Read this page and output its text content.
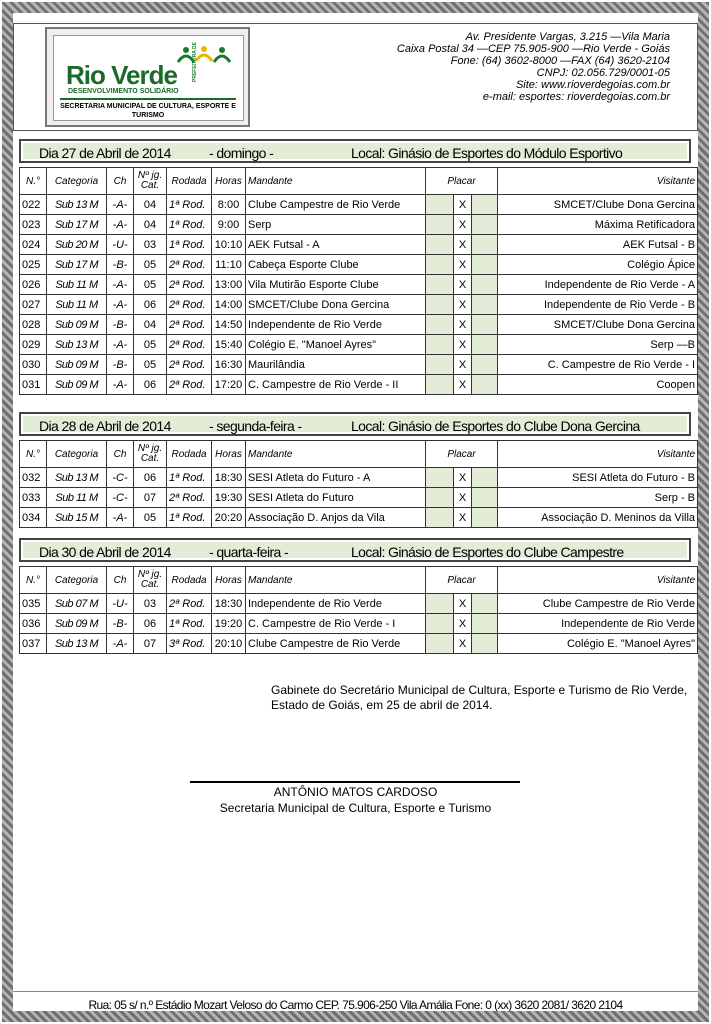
PREFEITURA DE
Rio Verde
DESENVOLVIMENTO SOLIDÁRIO
SECRETARIA MUNICIPAL DE CULTURA, ESPORTE E TURISMO
Av. Presidente Vargas, 3.215 —Vila Maria
Caixa Postal 34 —CEP 75.905-900 —Rio Verde - Goiás
Fone: (64) 3602-8000 —FAX (64) 3620-2104
CNPJ: 02.056.729/0001-05
Site: www.rioverdegoias.com.br
e-mail: esportes: rioverdegoias.com.br
Dia 27 de Abril de 2014	- domingo -	Local: Ginásio de Esportes do Módulo Esportivo
N.°	Categoria	Ch	Nº jg. Cat.	Rodada	Horas	Mandante	Placar			Visitante
022	Sub 13 M	-A-	04	1ª Rod.	8:00	Clube Campestre de Rio Verde		X		SMCET/Clube Dona Gercina
023	Sub 17 M	-A-	04	1ª Rod.	9:00	Serp		X		Máxima Retificadora
024	Sub 20 M	-U-	03	1ª Rod.	10:10	AEK Futsal - A		X		AEK Futsal - B
025	Sub 17 M	-B-	05	2ª Rod.	11:10	Cabeça Esporte Clube		X		Colégio Ápice
026	Sub 11 M	-A-	05	2ª Rod.	13:00	Vila Mutirão Esporte Clube		X		Independente de Rio Verde - A
027	Sub 11 M	-A-	06	2ª Rod.	14:00	SMCET/Clube Dona Gercina		X		Independente de Rio Verde - B
028	Sub 09 M	-B-	04	2ª Rod.	14:50	Independente de Rio Verde		X		SMCET/Clube Dona Gercina
029	Sub 13 M	-A-	05	2ª Rod.	15:40	Colégio E. "Manoel Ayres"		X		Serp —B
030	Sub 09 M	-B-	05	2ª Rod.	16:30	Maurilândia		X		C. Campestre de Rio Verde - I
031	Sub 09 M	-A-	06	2ª Rod.	17:20	C. Campestre de Rio Verde - II		X		Coopen
Dia 28 de Abril de 2014	- segunda-feira -	Local: Ginásio de Esportes do Clube Dona Gercina
N.°	Categoria	Ch	Nº jg. Cat.	Rodada	Horas	Mandante	Placar			Visitante
032	Sub 13 M	-C-	06	1ª Rod.	18:30	SESI Atleta do Futuro - A		X		SESI Atleta do Futuro - B
033	Sub 11 M	-C-	07	2ª Rod.	19:30	SESI Atleta do Futuro		X		Serp - B
034	Sub 15 M	-A-	05	1ª Rod.	20:20	Associação D. Anjos da Vila		X		Associação D. Meninos da Villa
Dia 30 de Abril de 2014	- quarta-feira -	Local: Ginásio de Esportes do Clube Campestre
N.°	Categoria	Ch	Nº jg. Cat.	Rodada	Horas	Mandante	Placar			Visitante
035	Sub 07 M	-U-	03	2ª Rod.	18:30	Independente de Rio Verde		X		Clube Campestre de Rio Verde
036	Sub 09 M	-B-	06	1ª Rod.	19:20	C. Campestre de Rio Verde - I		X		Independente de Rio Verde
037	Sub 13 M	-A-	07	3ª Rod.	20:10	Clube Campestre de Rio Verde		X		Colégio E. "Manoel Ayres"
Gabinete do Secretário Municipal de Cultura, Esporte e Turismo de Rio Verde, Estado de Goiás, em 25 de abril de 2014.
ANTÔNIO MATOS CARDOSO
Secretaria Municipal de Cultura, Esporte e Turismo
Rua: 05 s/ n.º Estádio Mozart Veloso do Carmo CEP. 75.906-250 Vila Amália Fone: 0 (xx) 3620 2081/ 3620 2104
